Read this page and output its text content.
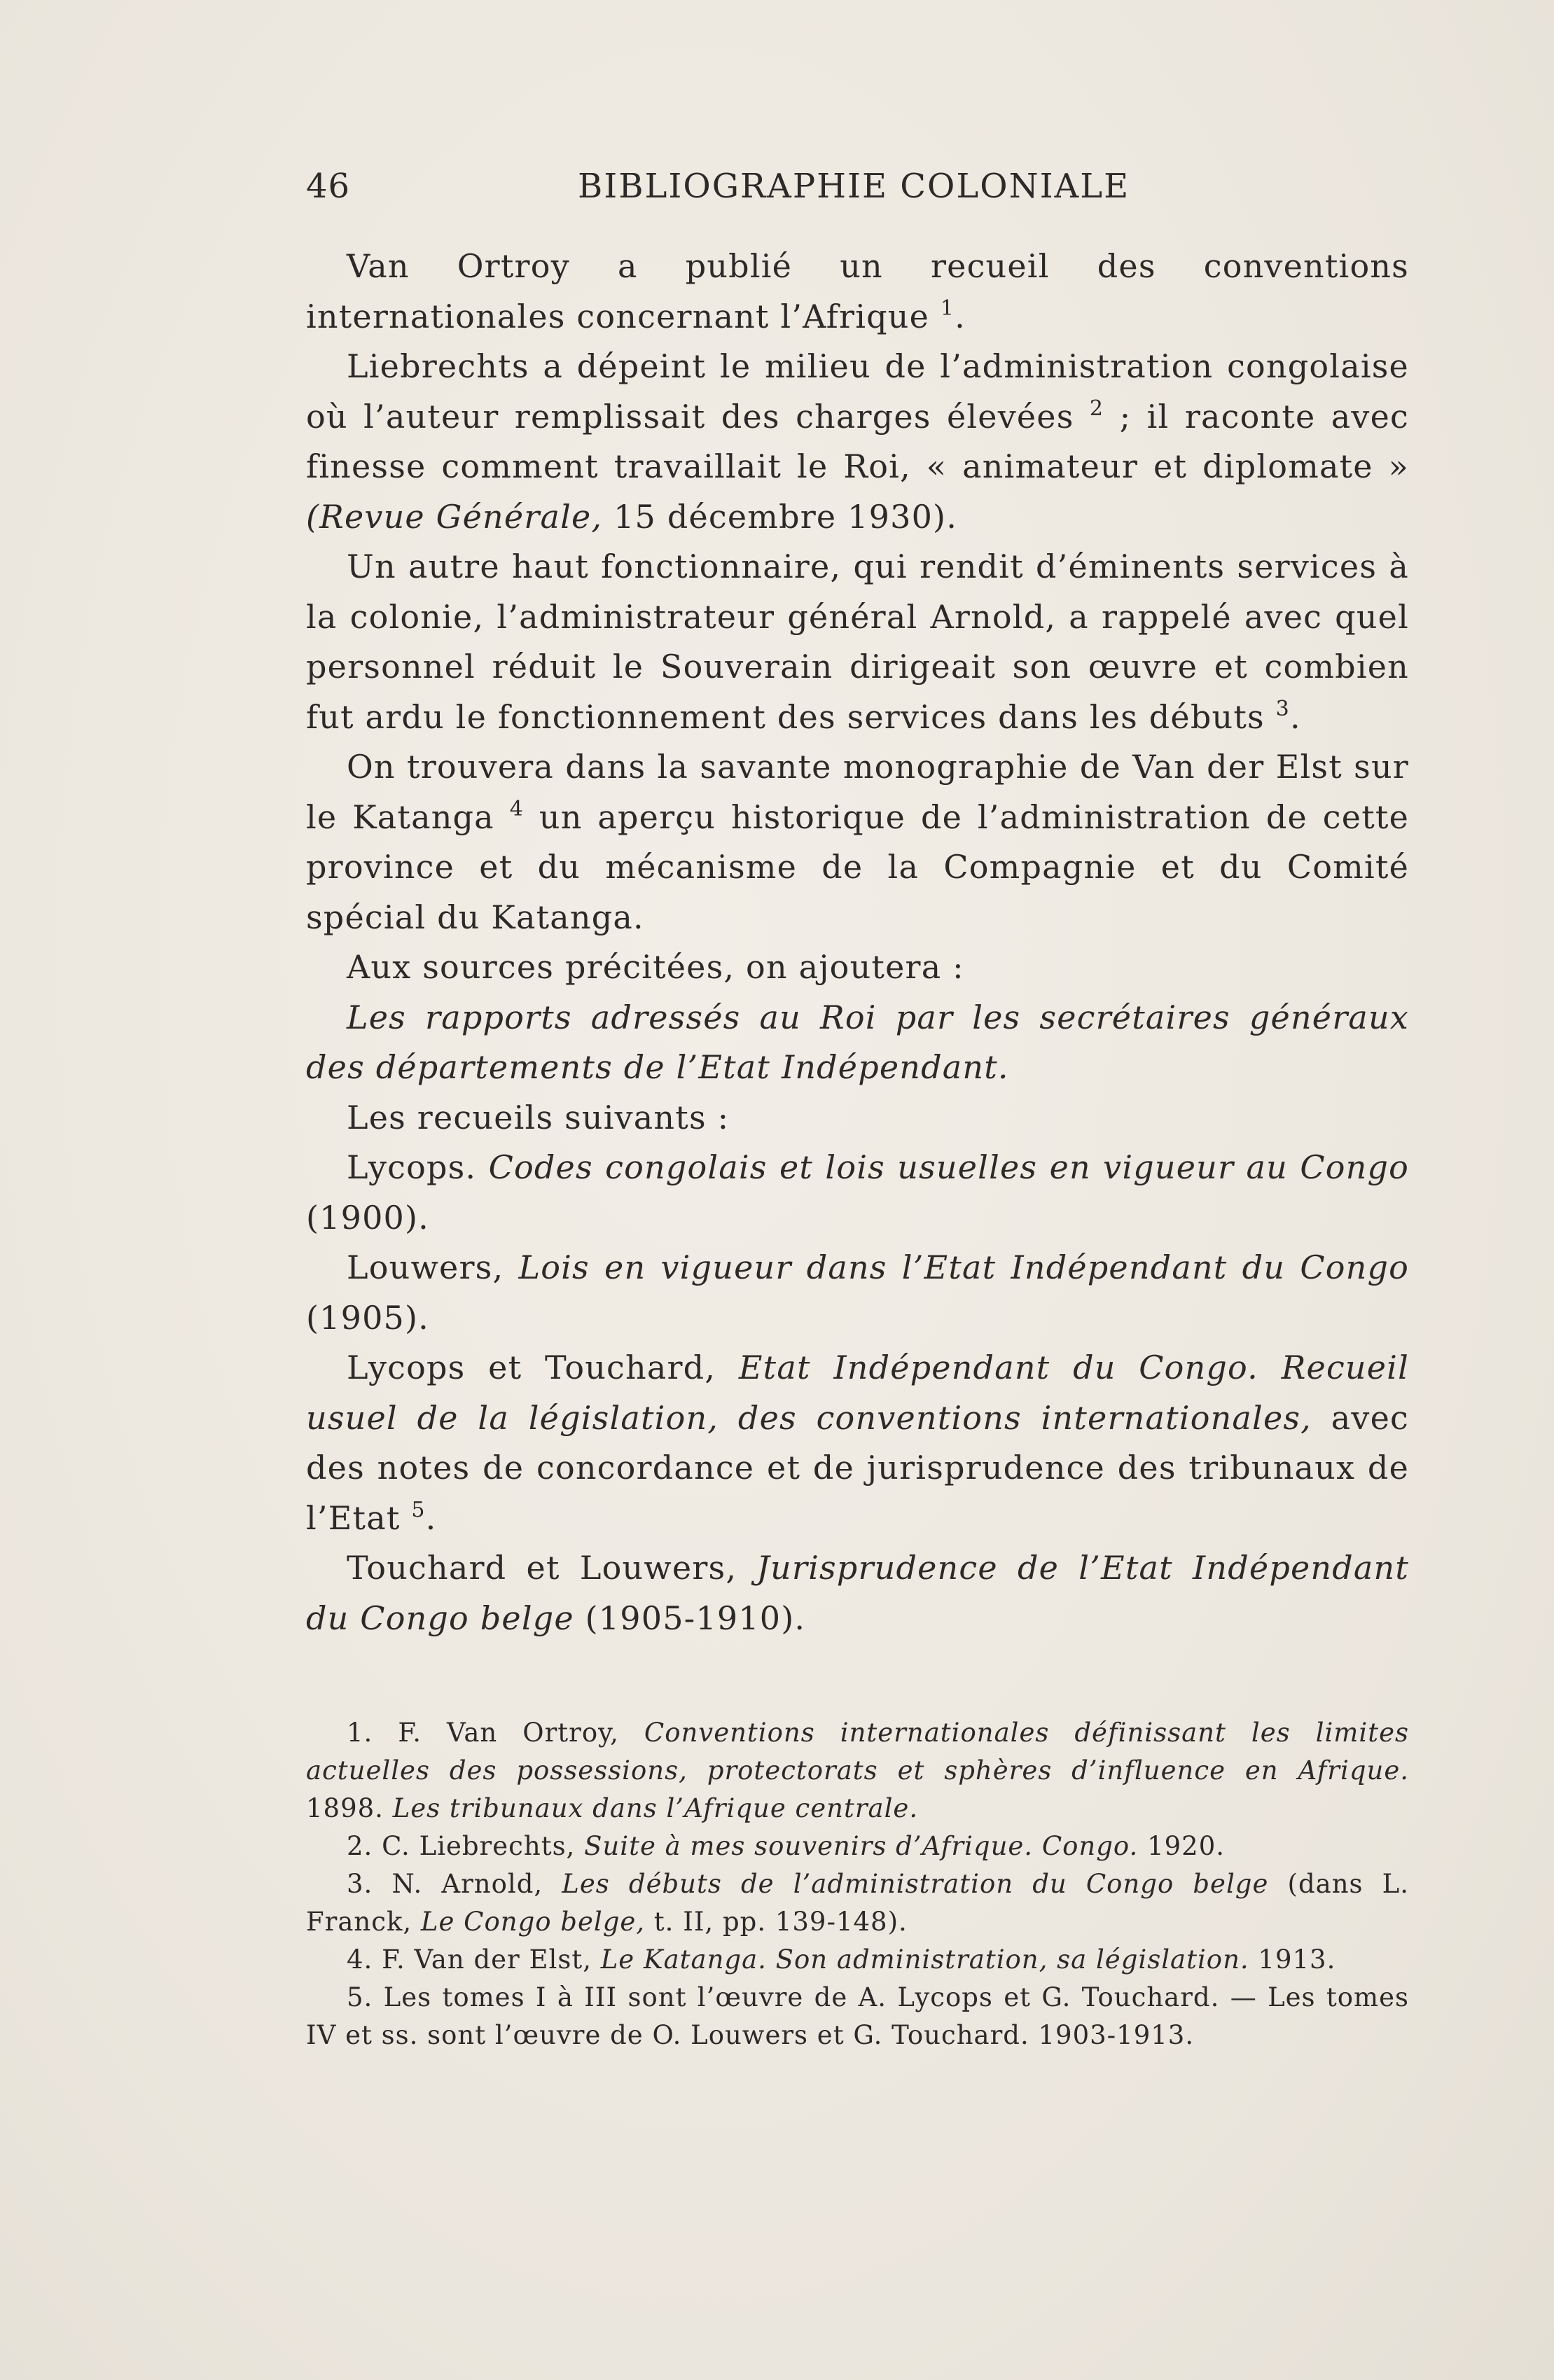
46	BIBLIOGRAPHIE COLONIALE

Van Ortroy a publié un recueil des conventions internationales concernant l’Afrique $^1$.

Liebrechts a dépeint le milieu de l’administration congolaise où l’auteur remplissait des charges élevées $^2$ ; il raconte avec finesse comment travaillait le Roi, « animateur et diplomate » (Revue Générale, 15 décembre 1930).

Un autre haut fonctionnaire, qui rendit d’éminents services à la colonie, l’administrateur général Arnold, a rappelé avec quel personnel réduit le Souverain dirigeait son œuvre et combien fut ardu le fonctionnement des services dans les débuts $^3$.

On trouvera dans la savante monographie de Van der Elst sur le Katanga $^4$ un aperçu historique de l’administration de cette province et du mécanisme de la Compagnie et du Comité spécial du Katanga.

Aux sources précitées, on ajoutera :

Les rapports adressés au Roi par les secrétaires généraux des départements de l’Etat Indépendant.

Les recueils suivants :

Lycops. Codes congolais et lois usuelles en vigueur au Congo (1900).

Louwers, Lois en vigueur dans l’Etat Indépendant du Congo (1905).

Lycops et Touchard, Etat Indépendant du Congo. Recueil usuel de la législation, des conventions internationales, avec des notes de concordance et de jurisprudence des tribunaux de l’Etat $^5$.

Touchard et Louwers, Jurisprudence de l’Etat Indépendant du Congo belge (1905-1910).

1. F. Van Ortroy, Conventions internationales définissant les limites actuelles des possessions, protectorats et sphères d’influence en Afrique. 1898. Les tribunaux dans l’Afrique centrale.

2. C. Liebrechts, Suite à mes souvenirs d’Afrique. Congo. 1920.

3. N. Arnold, Les débuts de l’administration du Congo belge (dans L. Franck, Le Congo belge, t. II, pp. 139-148).

4. F. Van der Elst, Le Katanga. Son administration, sa législation. 1913.

5. Les tomes I à III sont l’œuvre de A. Lycops et G. Touchard. — Les tomes IV et ss. sont l’œuvre de O. Louwers et G. Touchard. 1903-1913.
